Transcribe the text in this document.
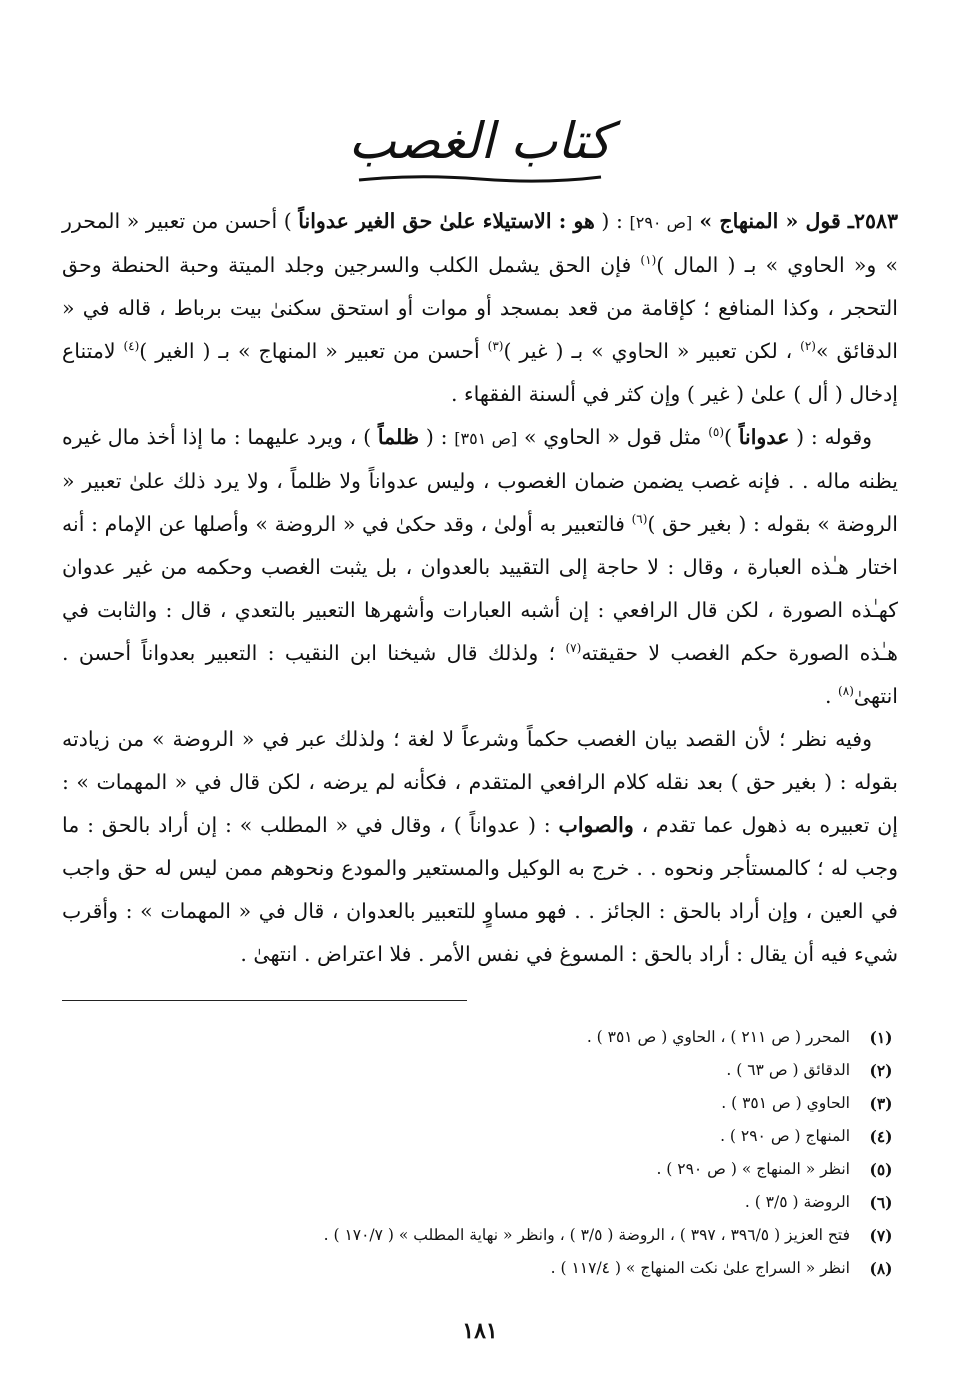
كتاب الغصب

٢٥٨٣ـ قول « المنهاج » [ص ٢٩٠] : ( هو : الاستيلاء علىٰ حق الغير عدواناً ) أحسن من تعبير « المحرر » و« الحاوي » بـ ( المال )$^{(١)}$ فإن الحق يشمل الكلب والسرجين وجلد الميتة وحبة الحنطة وحق التحجر ، وكذا المنافع ؛ كإقامة من قعد بمسجد أو موات أو استحق سكنىٰ بيت برباط ، قاله في « الدقائق »$^{(٢)}$ ، لكن تعبير « الحاوي » بـ ( غير )$^{(٣)}$ أحسن من تعبير « المنهاج » بـ ( الغير )$^{(٤)}$ لامتناع إدخال ( أل ) علىٰ ( غير ) وإن كثر في ألسنة الفقهاء .

وقوله : ( عدواناً )$^{(٥)}$ مثل قول « الحاوي » [ص ٣٥١] : ( ظلماً ) ، ويرد عليهما : ما إذا أخذ مال غيره يظنه ماله . . فإنه غصب يضمن ضمان الغصوب ، وليس عدواناً ولا ظلماً ، ولا يرد ذلك علىٰ تعبير « الروضة » بقوله : ( بغير حق )$^{(٦)}$ فالتعبير به أولىٰ ، وقد حكىٰ في « الروضة » وأصلها عن الإمام : أنه اختار هـٰذه العبارة ، وقال : لا حاجة إلى التقييد بالعدوان ، بل يثبت الغصب وحكمه من غير عدوان كهـٰذه الصورة ، لكن قال الرافعي : إن أشبه العبارات وأشهرها التعبير بالتعدي ، قال : والثابت في هـٰذه الصورة حكم الغصب لا حقيقته$^{(٧)}$ ؛ ولذلك قال شيخنا ابن النقيب : التعبير بعدواناً أحسن . انتهىٰ$^{(٨)}$ .

وفيه نظر ؛ لأن القصد بيان الغصب حكماً وشرعاً لا لغة ؛ ولذلك عبر في « الروضة » من زيادته بقوله : ( بغير حق ) بعد نقله كلام الرافعي المتقدم ، فكأنه لم يرضه ، لكن قال في « المهمات » : إن تعبيره به ذهول عما تقدم ، والصواب : ( عدواناً ) ، وقال في « المطلب » : إن أراد بالحق : ما وجب له ؛ كالمستأجر ونحوه . . خرج به الوكيل والمستعير والمودع ونحوهم ممن ليس له حق واجب في العين ، وإن أراد بالحق : الجائز . . فهو مساوٍ للتعبير بالعدوان ، قال في « المهمات » : وأقرب شيء فيه أن يقال : أراد بالحق : المسوغ في نفس الأمر . فلا اعتراض . انتهىٰ .

(١)
المحرر ( ص ٢١١ ) ، الحاوي ( ص ٣٥١ ) .
(٢)
الدقائق ( ص ٦٣ ) .
(٣)
الحاوي ( ص ٣٥١ ) .
(٤)
المنهاج ( ص ٢٩٠ ) .
(٥)
انظر « المنهاج » ( ص ٢٩٠ ) .
(٦)
الروضة ( ٣/٥ ) .
(٧)
فتح العزيز ( ٣٩٦/٥ ، ٣٩٧ ) ، الروضة ( ٣/٥ ) ، وانظر « نهاية المطلب » ( ١٧٠/٧ ) .
(٨)
انظر « السراج علىٰ نكت المنهاج » ( ١١٧/٤ ) .
١٨١
